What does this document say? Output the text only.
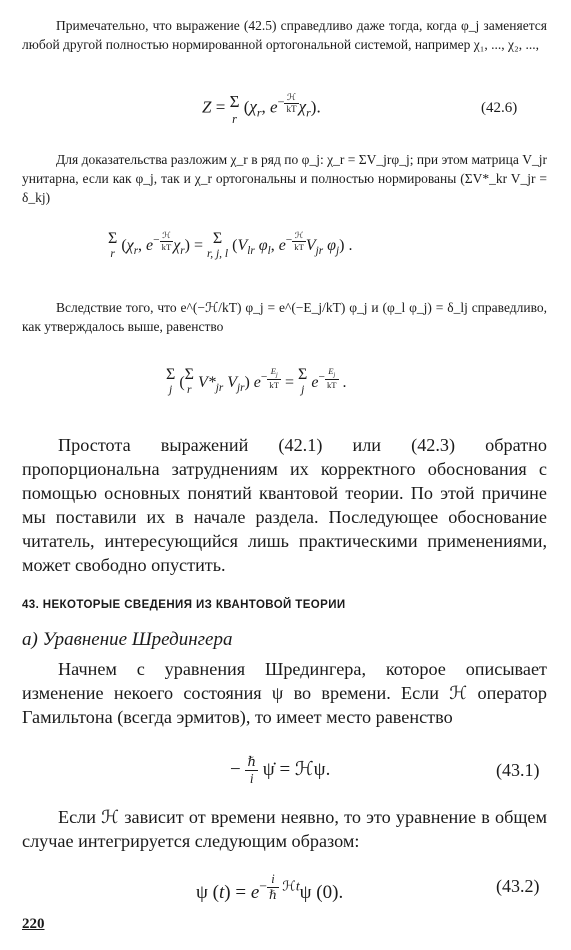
Примечательно, что выражение (42.5) справедливо даже тогда, когда φ_j заменяется любой другой полностью нормированной ортогональной системой, например χ₁, ..., χ₂, ...,

Z = Σ
r
($\chi_r$, $e- \frac{\text{ℋ}}{kT} \chi_r$).	(42.6)

Для доказательства разложим χ_r в ряд по φ_j: χ_r = ΣV_jrφ_j; при этом матрица V_jr унитарна, если как φ_j, так и χ_r ортогональны и полностью нормированы (ΣV*_kr V_jr = δ_kj)

Σ
r
($\chi_r$, $e- \frac{\text{ℋ}}{kT} \chi_r) = \Sigma$
r, j, l
($V_{lr}$ $\varphi_l$, $e- \frac{\text{ℋ}}{kT} V_{jr}$ $\varphi_j$) .

Вследствие того, что e^(−ℋ/kT) φ_j = e^(−E_j/kT) φ_j и (φ_l φ_j) = δ_lj справедливо, как утверждалось выше, равенство

Σ
j (Σ
r $V*_{jr}$ $V_{jr}$) $e- \frac{E_j}{kT} = \Sigma$
j $e- \frac{E_j}{kT}$ .

Простота выражений (42.1) или (42.3) обратно пропорциональна затруднениям их корректного обоснования с помощью основных понятий квантовой теории. По этой причине мы поставили их в начале раздела. Последующее обоснование читатель, интересующийся лишь практическими применениями, может свободно опустить.

43. НЕКОТОРЫЕ СВЕДЕНИЯ ИЗ КВАНТОВОЙ ТЕОРИИ
а) Уравнение Шредингера

Начнем с уравнения Шредингера, которое описывает изменение некоего состояния ψ во времени. Если ℋ оператор Гамильтона (всегда эрмитов), то имеет место равенство

− $\frac{\text{ℏ}}{i}$ ψ̇ = ℋψ.	(43.1)

Если ℋ зависит от времени неявно, то это уравнение в общем случае интегрируется следующим образом:

ψ $(t) = e- \frac{i}{\text{ℏ}}$ ℋtψ (0).	(43.2)
220
